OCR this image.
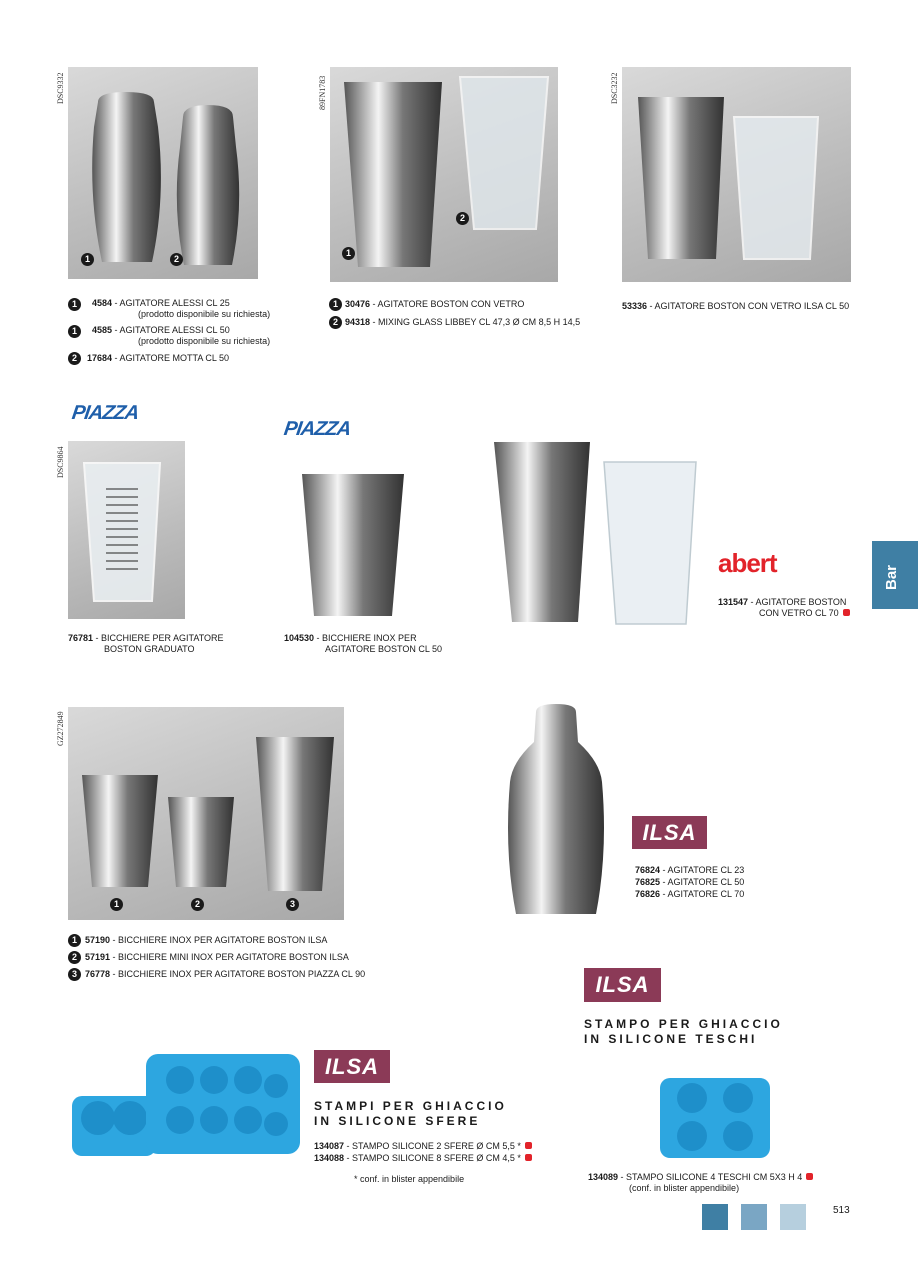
DSC9332
1	2
89FN1783
1
2
DSC3232
1	4584 - AGITATORE ALESSI CL 25
(prodotto disponibile su richiesta)
1	4585 - AGITATORE ALESSI CL 50
(prodotto disponibile su richiesta)
2	17684 - AGITATORE MOTTA CL 50
1 30476 - AGITATORE BOSTON CON VETRO
2 94318 - MIXING GLASS LIBBEY CL 47,3 Ø CM 8,5 H 14,5
53336 - AGITATORE BOSTON CON VETRO ILSA CL 50
PIAZZA
DSC9864
76781 - BICCHIERE PER AGITATORE
BOSTON GRADUATO
PIAZZA
104530 - BICCHIERE INOX PER
AGITATORE BOSTON CL 50
abert
131547 - AGITATORE BOSTON
CON VETRO CL 70
Bar
GZ272849
1	2	3
1 57190 - BICCHIERE INOX PER AGITATORE BOSTON ILSA
2 57191 - BICCHIERE MINI INOX PER AGITATORE BOSTON ILSA
3 76778 - BICCHIERE INOX PER AGITATORE BOSTON PIAZZA CL 90
ILSA
76824 - AGITATORE CL 23
76825 - AGITATORE CL 50
76826 - AGITATORE CL 70
ILSA
STAMPO PER GHIACCIO
IN SILICONE TESCHI
134089 - STAMPO SILICONE 4 TESCHI CM 5X3 H 4
(conf. in blister appendibile)
ILSA
STAMPI PER GHIACCIO
IN SILICONE SFERE
134087 - STAMPO SILICONE 2 SFERE Ø CM 5,5 *
134088 - STAMPO SILICONE 8 SFERE Ø CM 4,5 *
* conf. in blister appendibile
513
